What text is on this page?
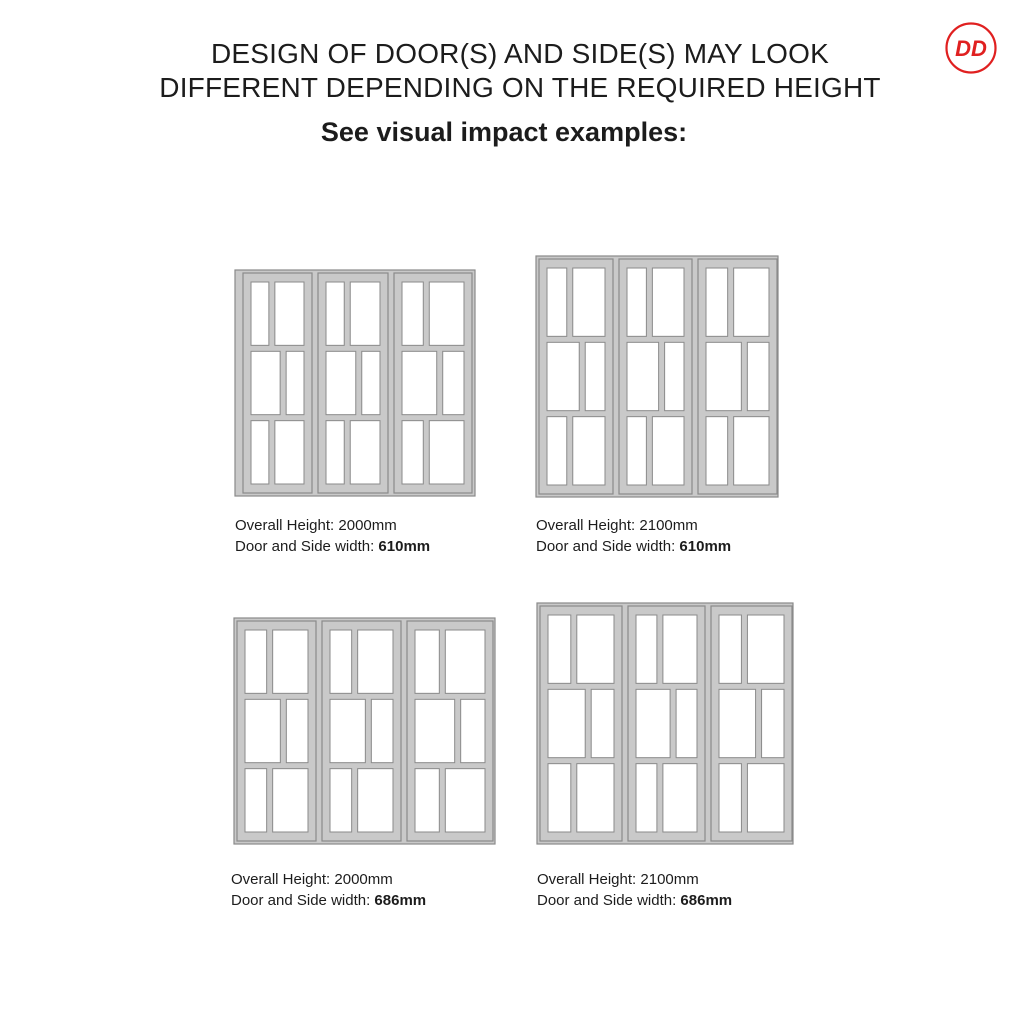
DESIGN OF DOOR(S) AND SIDE(S) MAY LOOK
DIFFERENT DEPENDING ON THE REQUIRED HEIGHT
See visual impact examples:
DD
Overall Height: 2000mm
Door and Side width: 610mm
Overall Height: 2100mm
Door and Side width: 610mm
Overall Height: 2000mm
Door and Side width: 686mm
Overall Height: 2100mm
Door and Side width: 686mm
